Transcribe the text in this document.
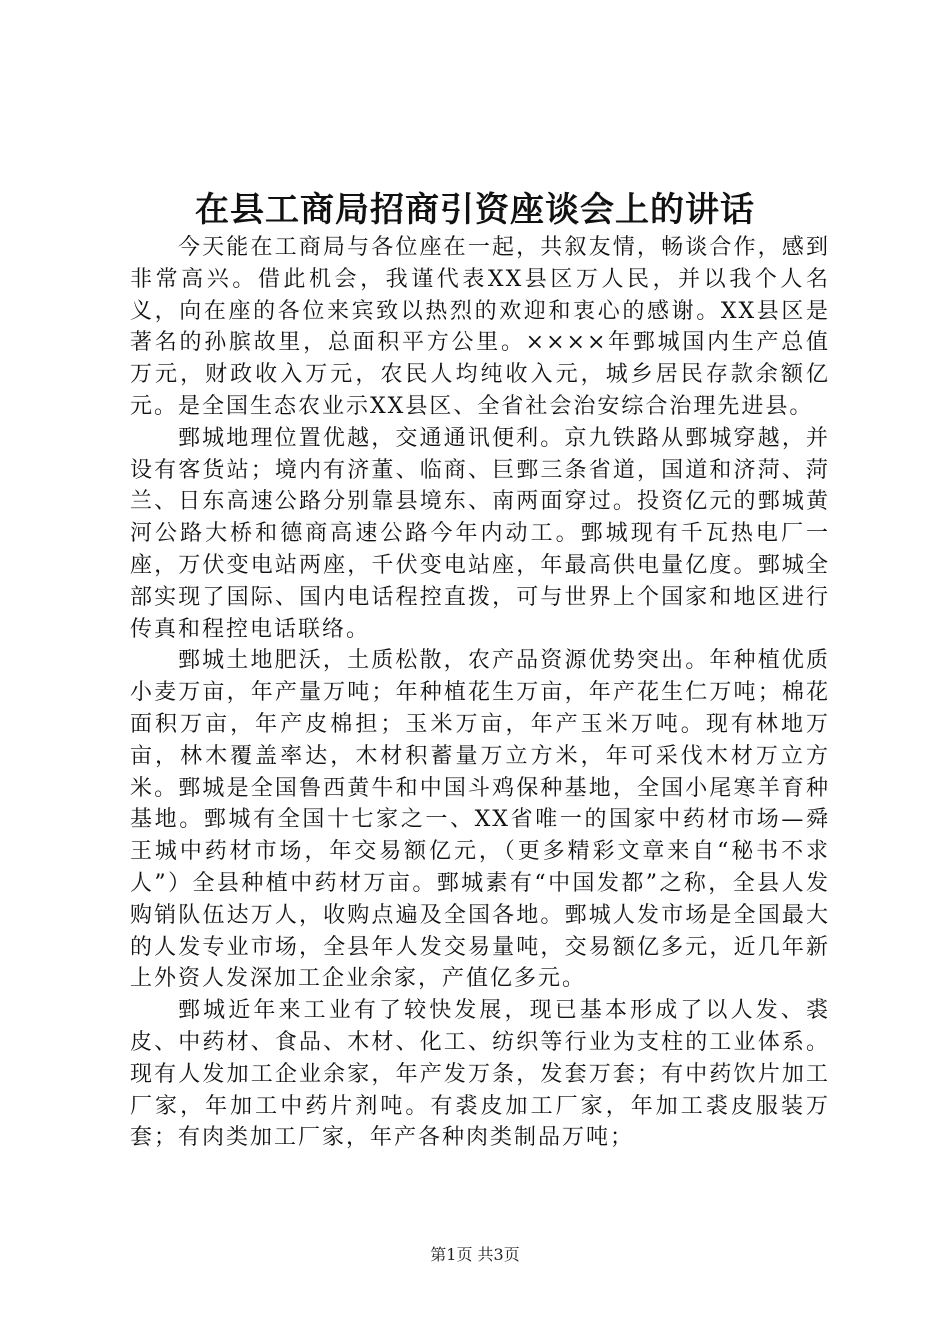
在县工商局招商引资座谈会上的讲话

今天能在工商局与各位座在一起，共叙友情，畅谈合作，感到非常高兴。借此机会，我谨代表XX县区万人民，并以我个人名义，向在座的各位来宾致以热烈的欢迎和衷心的感谢。XX县区是著名的孙膑故里，总面积平方公里。××××年鄄城国内生产总值万元，财政收入万元，农民人均纯收入元，城乡居民存款余额亿元。是全国生态农业示XX县区、全省社会治安综合治理先进县。

鄄城地理位置优越，交通通讯便利。京九铁路从鄄城穿越，并设有客货站；境内有济董、临商、巨鄄三条省道，国道和济菏、菏兰、日东高速公路分别靠县境东、南两面穿过。投资亿元的鄄城黄河公路大桥和德商高速公路今年内动工。鄄城现有千瓦热电厂一座，万伏变电站两座，千伏变电站座，年最高供电量亿度。鄄城全部实现了国际、国内电话程控直拨，可与世界上个国家和地区进行传真和程控电话联络。

鄄城土地肥沃，土质松散，农产品资源优势突出。年种植优质小麦万亩，年产量万吨；年种植花生万亩，年产花生仁万吨；棉花面积万亩，年产皮棉担；玉米万亩，年产玉米万吨。现有林地万亩，林木覆盖率达，木材积蓄量万立方米，年可采伐木材万立方米。鄄城是全国鲁西黄牛和中国斗鸡保种基地，全国小尾寒羊育种基地。鄄城有全国十七家之一、XX省唯一的国家中药材市场—舜王城中药材市场，年交易额亿元，（更多精彩文章来自“秘书不求人”）全县种植中药材万亩。鄄城素有“中国发都”之称，全县人发购销队伍达万人，收购点遍及全国各地。鄄城人发市场是全国最大的人发专业市场，全县年人发交易量吨，交易额亿多元，近几年新上外资人发深加工企业余家，产值亿多元。

鄄城近年来工业有了较快发展，现已基本形成了以人发、裘皮、中药材、食品、木材、化工、纺织等行业为支柱的工业体系。现有人发加工企业余家，年产发万条，发套万套；有中药饮片加工厂家，年加工中药片剂吨。有裘皮加工厂家，年加工裘皮服装万套；有肉类加工厂家，年产各种肉类制品万吨；

第1页 共3页
